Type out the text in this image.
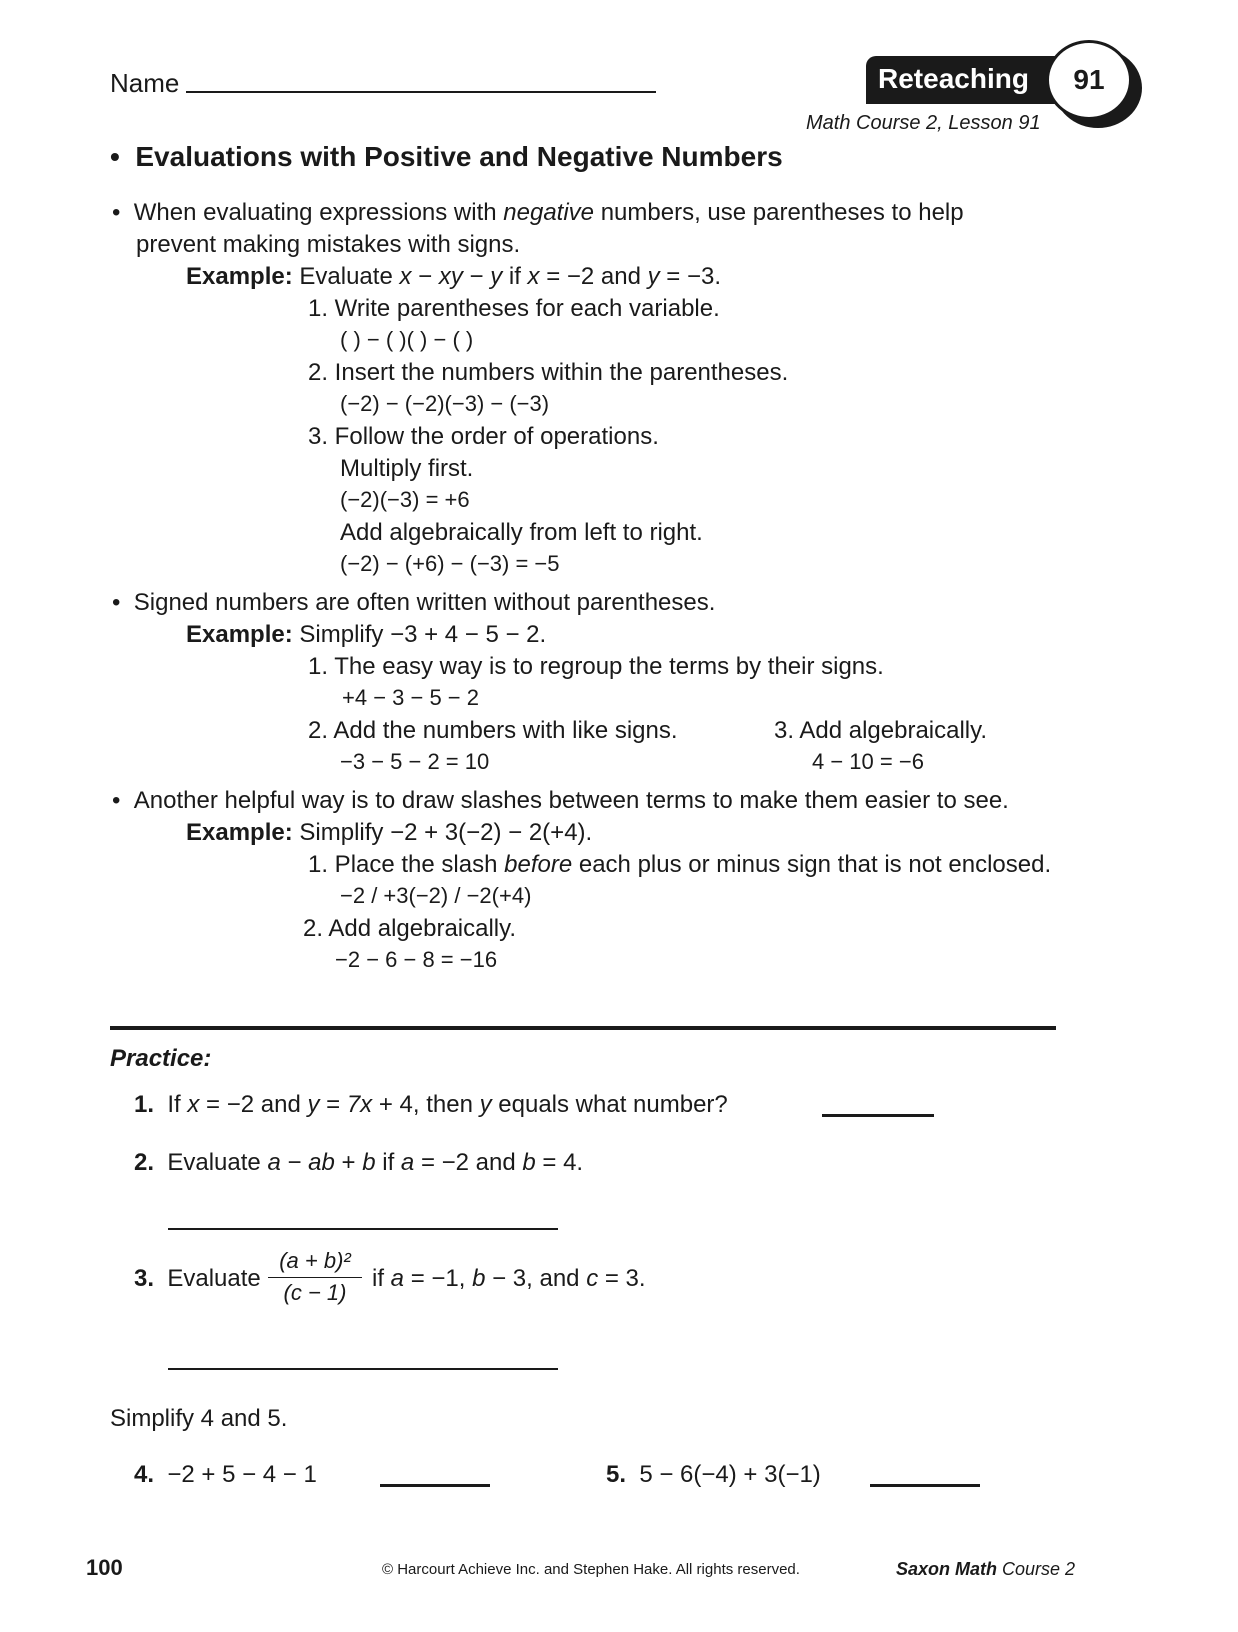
Name	Reteaching	91
Math Course 2, Lesson 91
•  Evaluations with Positive and Negative Numbers
•  When evaluating expressions with negative numbers, use parentheses to help
prevent making mistakes with signs.
Example: Evaluate x − xy − y if x = −2 and y = −3.
1. Write parentheses for each variable.
( ) − ( )( ) − ( )
2. Insert the numbers within the parentheses.
(−2) − (−2)(−3) − (−3)
3. Follow the order of operations.
Multiply first.
(−2)(−3) = +6
Add algebraically from left to right.
(−2) − (+6) − (−3) = −5
•  Signed numbers are often written without parentheses.
Example: Simplify −3 + 4 − 5 − 2.
1. The easy way is to regroup the terms by their signs.
+4 − 3 − 5 − 2
2. Add the numbers with like signs.
−3 − 5 − 2 = 10
3. Add algebraically.
4 − 10 = −6
•  Another helpful way is to draw slashes between terms to make them easier to see.
Example: Simplify −2 + 3(−2) − 2(+4).
1. Place the slash before each plus or minus sign that is not enclosed.
−2 / +3(−2) / −2(+4)
2. Add algebraically.
−2 − 6 − 8 = −16
Practice:
1. If x = −2 and y = 7x + 4, then y equals what number?
2. Evaluate a − ab + b if a = −2 and b = 4.
3. Evaluate
(a + b)²
(c − 1)
if a = −1, b − 3, and c = 3.
Simplify 4 and 5.
4. −2 + 5 − 4 − 1	5. 5 − 6(−4) + 3(−1)
100	© Harcourt Achieve Inc. and Stephen Hake. All rights reserved.	Saxon Math Course 2
